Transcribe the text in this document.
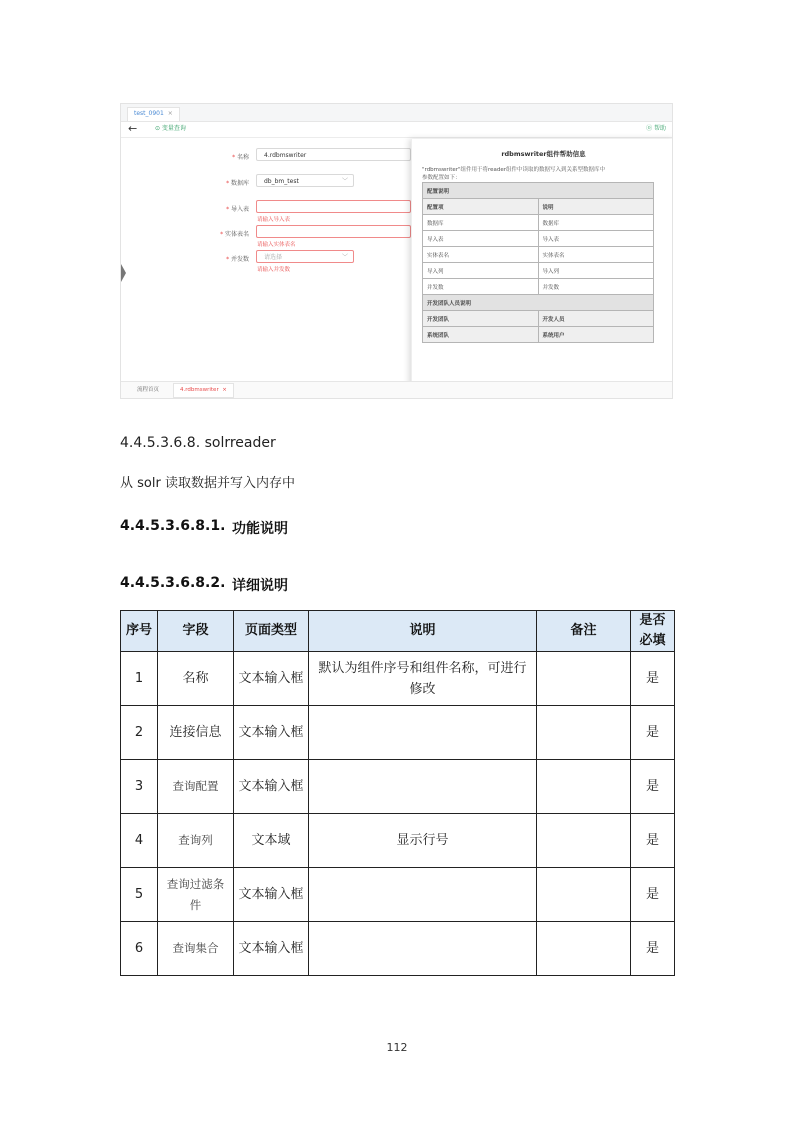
test_0901 ×
←	⊙ 变量查询	⓪ 帮助
* 名称	4.rdbmswriter
* 数据库	db_bm_test	﹀
* 导入表
请输入导入表
* 实体表名
请输入实体表名
* 并发数	请选择	﹀
请输入并发数
rdbmswriter组件帮助信息
"rdbmswriter"组件用于将reader组件中读取的数据写入到关系型数据库中
参数配置如下：
配置说明	
配置项	说明
数据库	数据库
导入表	导入表
实体表名	实体表名
导入列	导入列
并发数	并发数
开发团队人员说明	
开发团队	开发人员
系统团队	系统用户
流程首页	4.rdbmswriter ×
4.4.5.3.6.8. solrreader
从 solr 读取数据并写入内存中
4.4.5.3.6.8.1. 功能说明
4.4.5.3.6.8.2. 详细说明
序号	字段	页面类型	说明	备注	是否必填
1	名称	文本输入框	默认为组件序号和组件名称，可进行修改		是
2	连接信息	文本输入框			是
3	查询配置	文本输入框			是
4	查询列	文本域	显示行号		是
5	查询过滤条件	文本输入框			是
6	查询集合	文本输入框			是
112
